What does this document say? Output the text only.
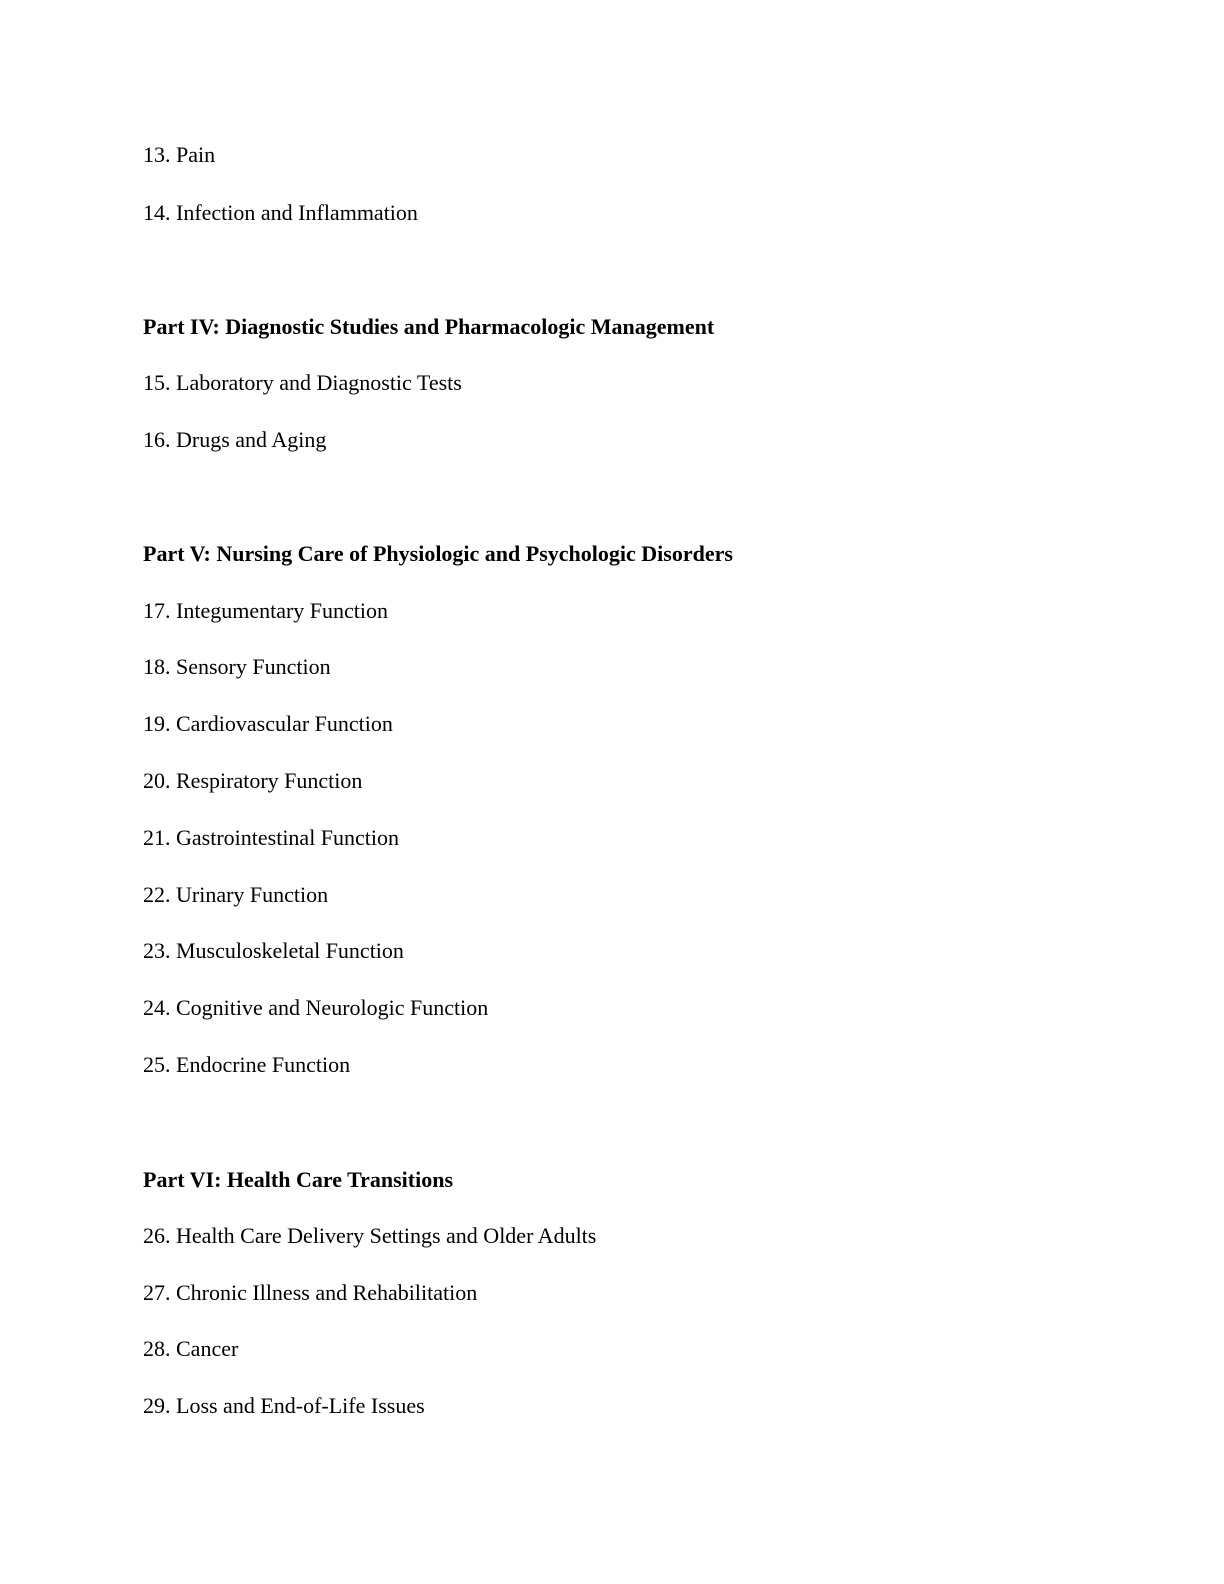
13. Pain
14. Infection and Inflammation
Part IV: Diagnostic Studies and Pharmacologic Management
15. Laboratory and Diagnostic Tests
16. Drugs and Aging
Part V: Nursing Care of Physiologic and Psychologic Disorders
17. Integumentary Function
18. Sensory Function
19. Cardiovascular Function
20. Respiratory Function
21. Gastrointestinal Function
22. Urinary Function
23. Musculoskeletal Function
24. Cognitive and Neurologic Function
25. Endocrine Function
Part VI: Health Care Transitions
26. Health Care Delivery Settings and Older Adults
27. Chronic Illness and Rehabilitation
28. Cancer
29. Loss and End-of-Life Issues
